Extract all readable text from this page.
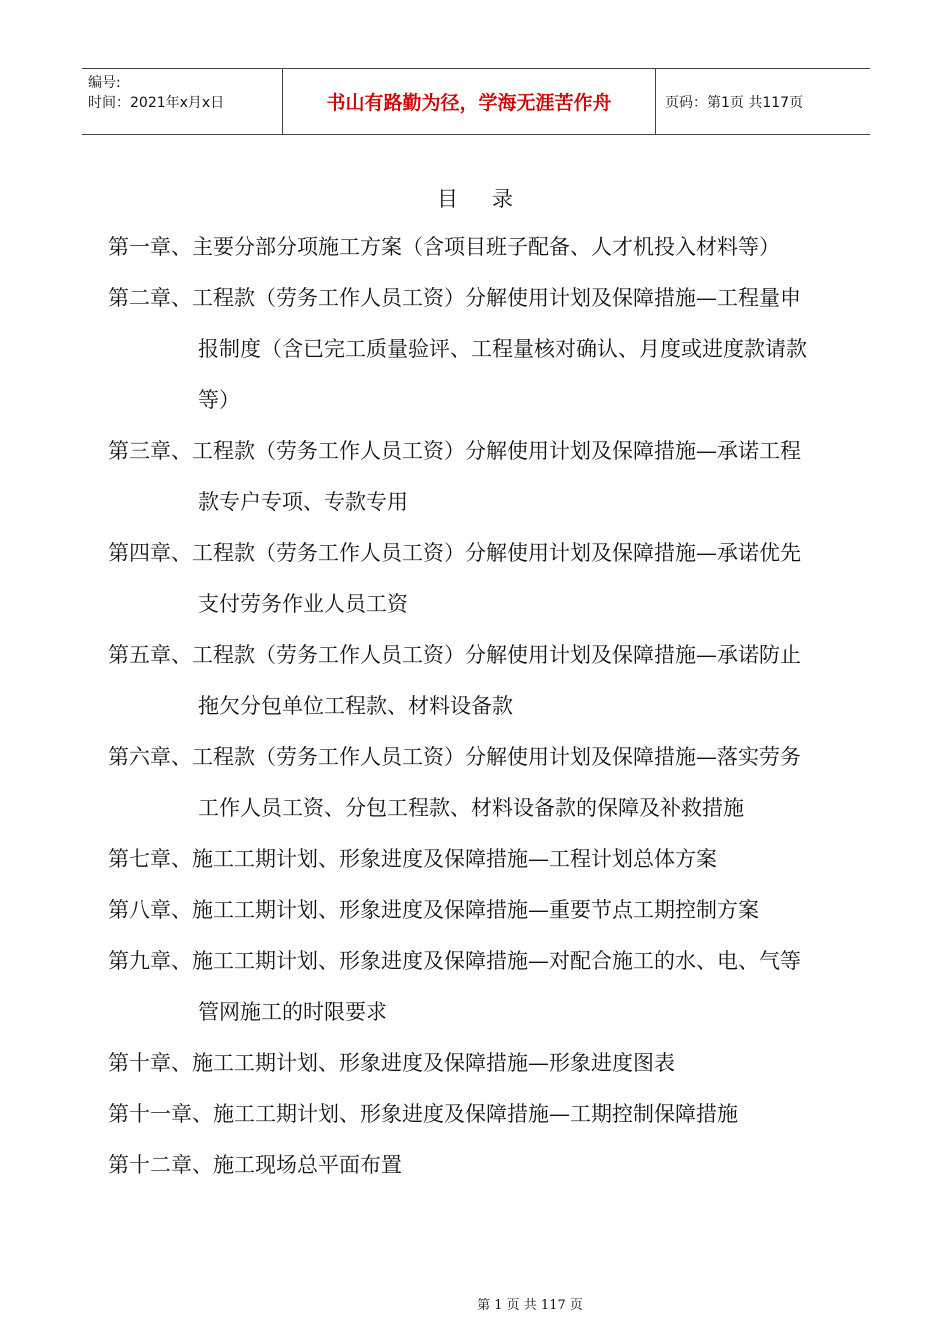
编号:
时间：2021年x月x日	书山有路勤为径，学海无涯苦作舟	页码：第1页 共117页
目录
第一章、主要分部分项施工方案（含项目班子配备、人才机投入材料等）
第二章、工程款（劳务工作人员工资）分解使用计划及保障措施—工程量申
报制度（含已完工质量验评、工程量核对确认、月度或进度款请款
等）
第三章、工程款（劳务工作人员工资）分解使用计划及保障措施—承诺工程
款专户专项、专款专用
第四章、工程款（劳务工作人员工资）分解使用计划及保障措施—承诺优先
支付劳务作业人员工资
第五章、工程款（劳务工作人员工资）分解使用计划及保障措施—承诺防止
拖欠分包单位工程款、材料设备款
第六章、工程款（劳务工作人员工资）分解使用计划及保障措施—落实劳务
工作人员工资、分包工程款、材料设备款的保障及补救措施
第七章、施工工期计划、形象进度及保障措施—工程计划总体方案
第八章、施工工期计划、形象进度及保障措施—重要节点工期控制方案
第九章、施工工期计划、形象进度及保障措施—对配合施工的水、电、气等
管网施工的时限要求
第十章、施工工期计划、形象进度及保障措施—形象进度图表
第十一章、施工工期计划、形象进度及保障措施—工期控制保障措施
第十二章、施工现场总平面布置
第 1 页 共 117 页
